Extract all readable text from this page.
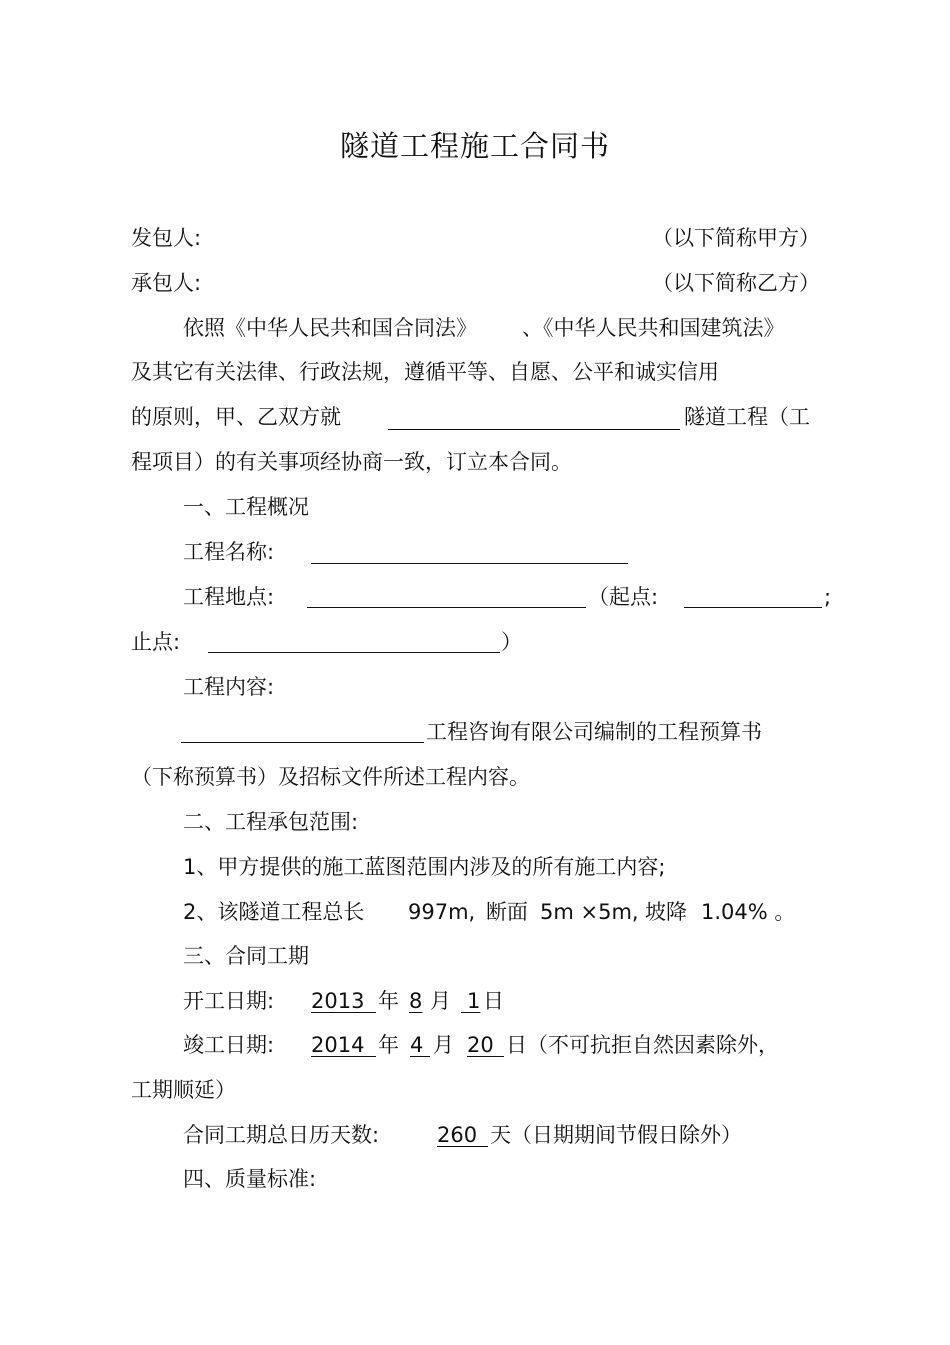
隧道工程施工合同书
发包人:	（以下简称甲方）
承包人:	（以下简称乙方）
依照《中华人民共和国合同法》 、《中华人民共和国建筑法》
及其它有关法律、行政法规，遵循平等、自愿、公平和诚实信用
的原则，甲、乙双方就	隧道工程（工
程项目）的有关事项经协商一致，订立本合同。
一、工程概况
工程名称:
工程地点:	（起点:	;
止点:	）
工程内容:
工程咨询有限公司编制的工程预算书
（下称预算书）及招标文件所述工程内容。
二、工程承包范围:
1、甲方提供的施工蓝图范围内涉及的所有施工内容;
2、该隧道工程总长 997m, 断面 5m ×5m, 坡降 1.04% 。
三、合同工期
开工日期: 2013 年 8 月 1 日
竣工日期: 2014 年 4 月 20 日（不可抗拒自然因素除外，
工期顺延）
合同工期总日历天数:	260 天（日期期间节假日除外）
四、质量标准:
